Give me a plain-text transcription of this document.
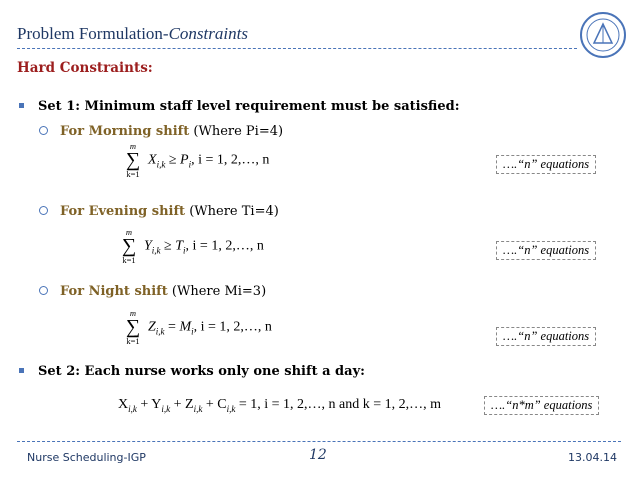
Problem Formulation-Constraints
Hard Constraints:
Set 1: Minimum staff level requirement must be satisfied:
For Morning shift (Where Pi=4)
m
∑
k=1
$X_{i,k} \ge P_i$, i = 1, 2,…, n	….“n” equations
For Evening shift (Where Ti=4)
m
∑
k=1
$Y_{i,k} \ge T_i$, i = 1, 2,…, n	….“n” equations
For Night shift (Where Mi=3)
m
∑
k=1
$Z_{i,k} = M_i$, i = 1, 2,…, n
….“n” equations
Set 2: Each nurse works only one shift a day:
$X_{i,k} + Y_{i,k} + Z_{i,k} + C_{i,k} = 1$, i = 1, 2,…, n and k = 1, 2,…, m	….“n*m” equations
Nurse Scheduling-IGP	12	13.04.14
